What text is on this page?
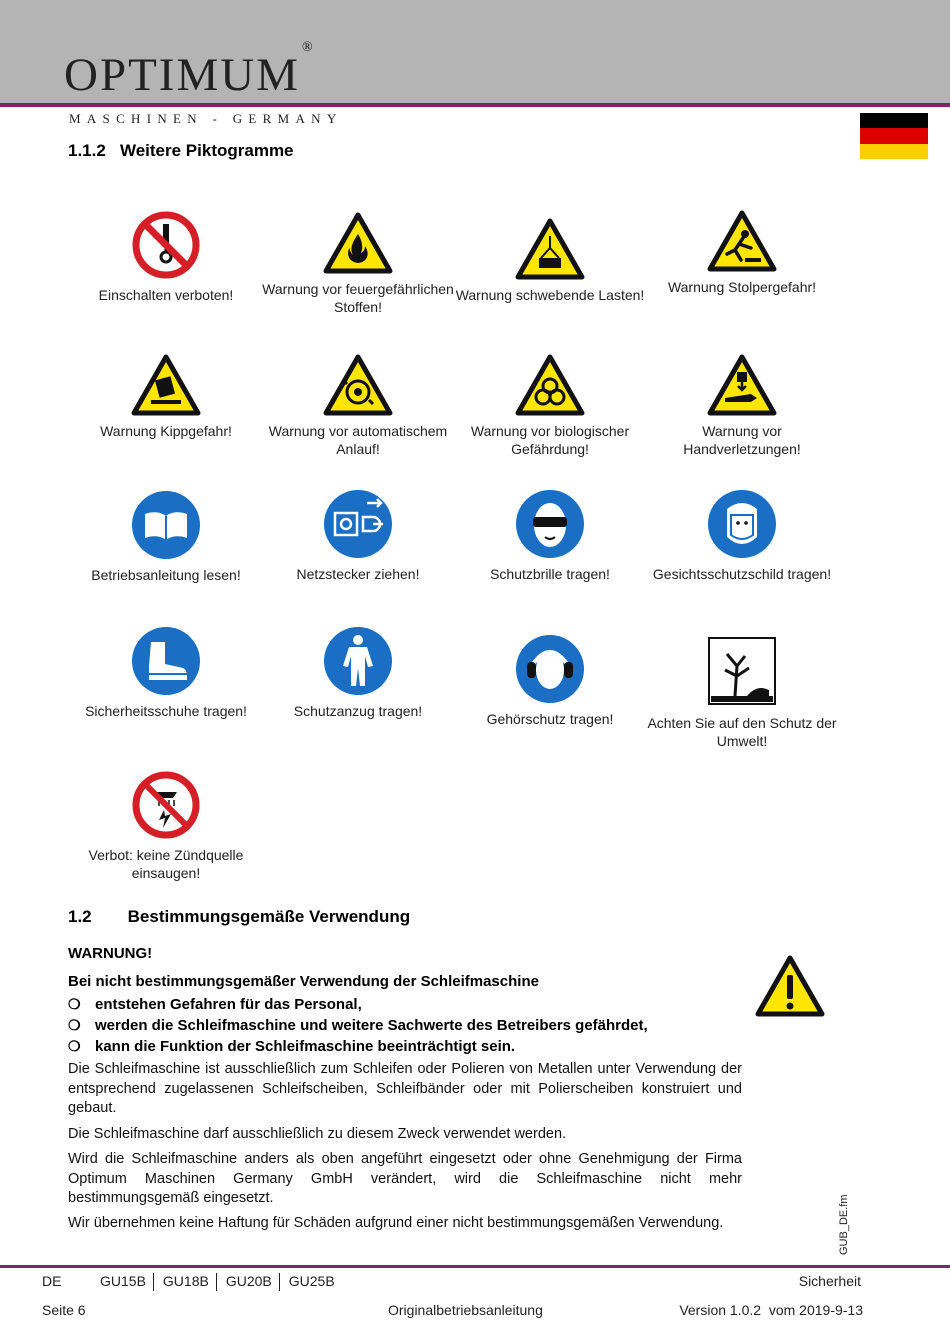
OPTIMUM®
MASCHINEN - GERMANY
1.1.2 Weitere Piktogramme
Einschalten verboten!	Warnung vor feuergefährlichen Stoffen!
Warnung schwebende Lasten!	Warnung Stolpergefahr!
Warnung Kippgefahr!	Warnung vor automatischem Anlauf!
Warnung vor biologischer Gefährdung!
Warnung vor Handverletzungen!
Betriebsanleitung lesen!	Netzstecker ziehen!	Schutzbrille tragen!	Gesichtsschutzschild tragen!
Sicherheitsschuhe tragen!	Schutzanzug tragen!	Gehörschutz tragen!	Achten Sie auf den Schutz der Umwelt!
Verbot: keine Zündquelle einsaugen!
1.2 Bestimmungsgemäße Verwendung
WARNUNG!
Bei nicht bestimmungsgemäßer Verwendung der Schleifmaschine
❍ entstehen Gefahren für das Personal,
❍ werden die Schleifmaschine und weitere Sachwerte des Betreibers gefährdet,
❍ kann die Funktion der Schleifmaschine beeinträchtigt sein.

Die Schleifmaschine ist ausschließlich zum Schleifen oder Polieren von Metallen unter Verwendung der entsprechend zugelassenen Schleifscheiben, Schleifbänder oder mit Polierscheiben konstruiert und gebaut.

Die Schleifmaschine darf ausschließlich zu diesem Zweck verwendet werden.

Wird die Schleifmaschine anders als oben angeführt eingesetzt oder ohne Genehmigung der Firma Optimum Maschinen Germany GmbH verändert, wird die Schleifmaschine nicht mehr bestimmungsgemäß eingesetzt.

Wir übernehmen keine Haftung für Schäden aufgrund einer nicht bestimmungsgemäßen Verwendung.	GUB_DE.fm
DE	GU15B	GU18B	GU20B	GU25B	Sicherheit
Seite 6	Originalbetriebsanleitung	Version 1.0.2  vom 2019-9-13
